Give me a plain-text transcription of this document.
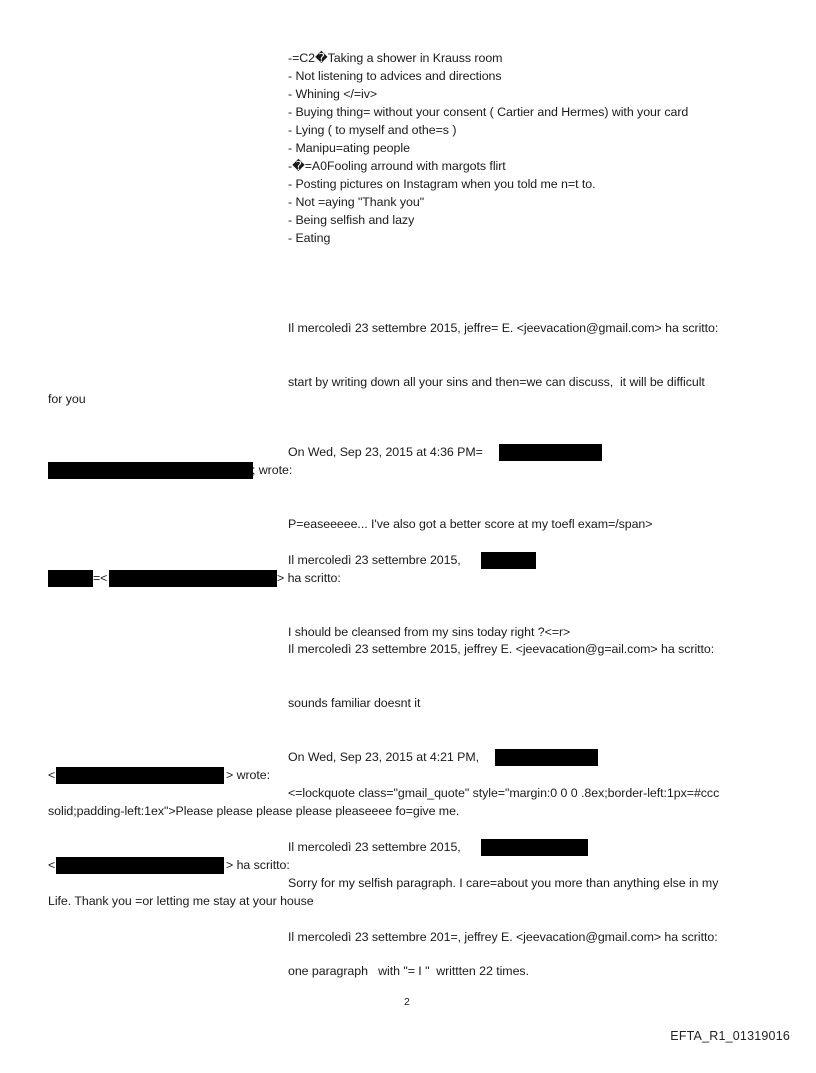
-=C2�Taking a shower in Krauss room
- Not listening to advices and directions
- Whining </=iv>
- Buying thing= without your consent ( Cartier and Hermes) with your card
- Lying ( to myself and othe=s )
- Manipu=ating people
-�=A0Fooling arround with margots flirt
- Posting pictures on Instagram when you told me n=t to.
- Not =aying "Thank you"
- Being selfish and lazy
- Eating
Il mercoledì 23 settembre 2015, jeffre= E. <jeevacation@gmail.com> ha scritto:
start by writing down all your sins and then=we can discuss,  it will be difficult
for you
On Wed, Sep 23, 2015 at 4:36 PM=
; wrote:
P=easeeeee... I've also got a better score at my toefl exam=/span>
Il mercoledì 23 settembre 2015,
=<	> ha scritto:
I should be cleansed from my sins today right ?<=r>
Il mercoledì 23 settembre 2015, jeffrey E. <jeevacation@g=ail.com> ha scritto:
sounds familiar doesnt it
On Wed, Sep 23, 2015 at 4:21 PM,
<	> wrote:
<=lockquote class="gmail_quote" style="margin:0 0 0 .8ex;border-left:1px=#ccc
solid;padding-left:1ex">Please please please please pleaseeee fo=give me.
Il mercoledì 23 settembre 2015,
<	> ha scritto:
Sorry for my selfish paragraph. I care=about you more than anything else in my
Life. Thank you =or letting me stay at your house
Il mercoledì 23 settembre 201=, jeffrey E. <jeevacation@gmail.com> ha scritto:
one paragraph   with "= I "  writtten 22 times.
2
EFTA_R1_01319016
